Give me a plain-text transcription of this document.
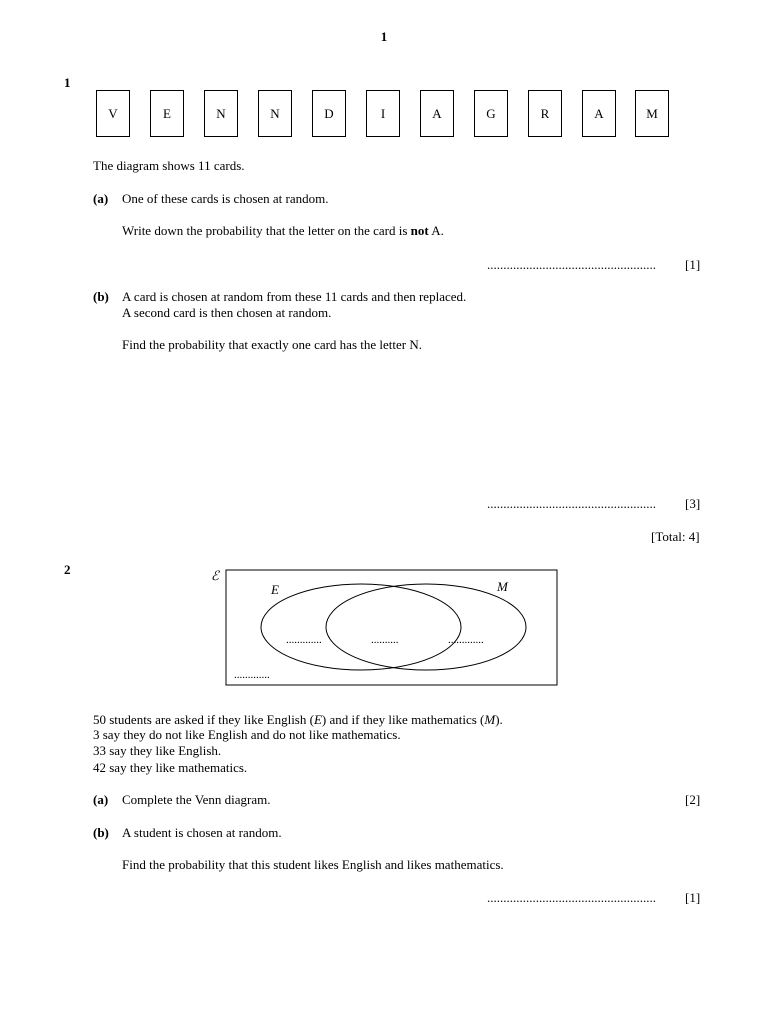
1
1
V	E	N	N	D	I	A	G	R	A	M
The diagram shows 11 cards.
(a) One of these cards is chosen at random.
Write down the probability that the letter on the card is not A.
.................................................... [1]
(b) A card is chosen at random from these 11 cards and then replaced.
A second card is then chosen at random.
Find the probability that exactly one card has the letter N.
.................................................... [3]
[Total: 4]
2	ℰ
E	M
.............	..........	.............
.............
50 students are asked if they like English (E) and if they like mathematics (M).
3 say they do not like English and do not like mathematics.
33 say they like English.
42 say they like mathematics.
(a) Complete the Venn diagram.	[2]
(b) A student is chosen at random.
Find the probability that this student likes English and likes mathematics.
.................................................... [1]
